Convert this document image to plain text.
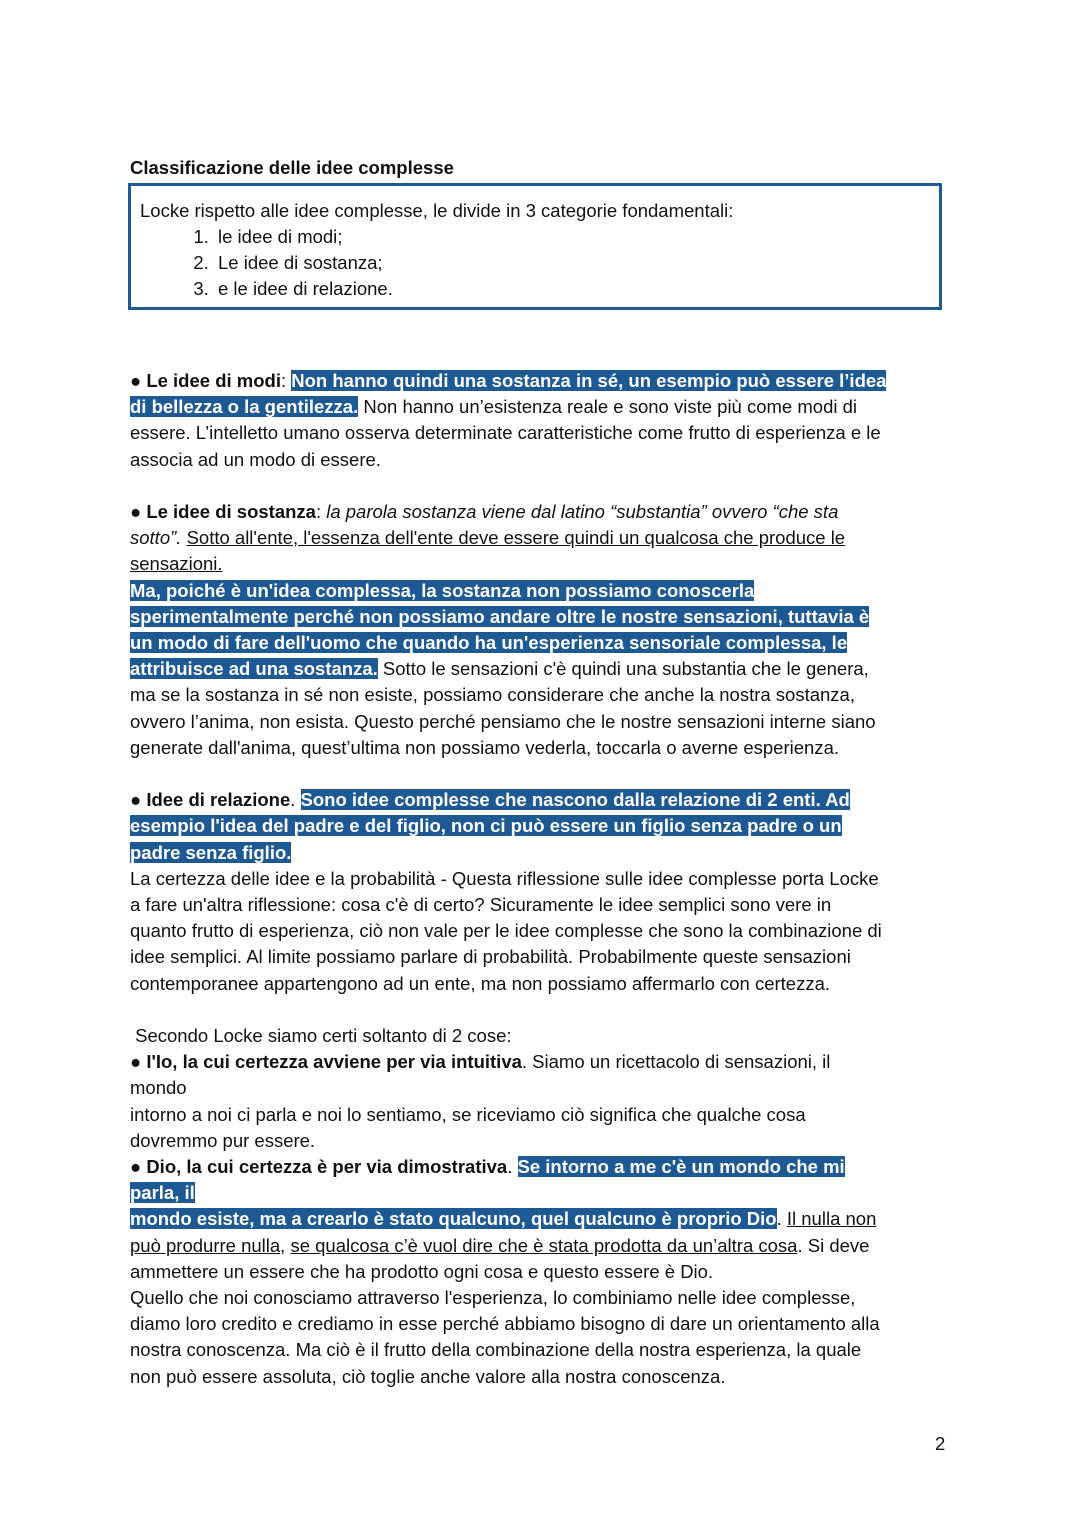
Classificazione delle idee complesse
Locke rispetto alle idee complesse, le divide in 3 categorie fondamentali:
1. le idee di modi;
2. Le idee di sostanza;
3. e le idee di relazione.
● Le idee di modi: Non hanno quindi una sostanza in sé, un esempio può essere l’idea
di bellezza o la gentilezza. Non hanno un’esistenza reale e sono viste più come modi di
essere. L’intelletto umano osserva determinate caratteristiche come frutto di esperienza e le
associa ad un modo di essere.
● Le idee di sostanza: la parola sostanza viene dal latino “substantia” ovvero “che sta
sotto”. Sotto all'ente, l'essenza dell'ente deve essere quindi un qualcosa che produce le
sensazioni.
Ma, poiché è un'idea complessa, la sostanza non possiamo conoscerla
sperimentalmente perché non possiamo andare oltre le nostre sensazioni, tuttavia è
un modo di fare dell'uomo che quando ha un'esperienza sensoriale complessa, le
attribuisce ad una sostanza. Sotto le sensazioni c'è quindi una substantia che le genera,
ma se la sostanza in sé non esiste, possiamo considerare che anche la nostra sostanza,
ovvero l’anima, non esista. Questo perché pensiamo che le nostre sensazioni interne siano
generate dall'anima, quest’ultima non possiamo vederla, toccarla o averne esperienza.
● Idee di relazione. Sono idee complesse che nascono dalla relazione di 2 enti. Ad
esempio l'idea del padre e del figlio, non ci può essere un figlio senza padre o un
padre senza figlio.
La certezza delle idee e la probabilità - Questa riflessione sulle idee complesse porta Locke
a fare un'altra riflessione: cosa c'è di certo? Sicuramente le idee semplici sono vere in
quanto frutto di esperienza, ciò non vale per le idee complesse che sono la combinazione di
idee semplici. Al limite possiamo parlare di probabilità. Probabilmente queste sensazioni
contemporanee appartengono ad un ente, ma non possiamo affermarlo con certezza.
Secondo Locke siamo certi soltanto di 2 cose:
● I'Io, la cui certezza avviene per via intuitiva. Siamo un ricettacolo di sensazioni, il
mondo
intorno a noi ci parla e noi lo sentiamo, se riceviamo ciò significa che qualche cosa
dovremmo pur essere.
● Dio, la cui certezza è per via dimostrativa. Se intorno a me c'è un mondo che mi
parla, il
mondo esiste, ma a crearlo è stato qualcuno, quel qualcuno è proprio Dio. Il nulla non
può produrre nulla, se qualcosa c’è vuol dire che è stata prodotta da un’altra cosa. Si deve
ammettere un essere che ha prodotto ogni cosa e questo essere è Dio.
Quello che noi conosciamo attraverso l'esperienza, lo combiniamo nelle idee complesse,
diamo loro credito e crediamo in esse perché abbiamo bisogno di dare un orientamento alla
nostra conoscenza. Ma ciò è il frutto della combinazione della nostra esperienza, la quale
non può essere assoluta, ciò toglie anche valore alla nostra conoscenza.
2
